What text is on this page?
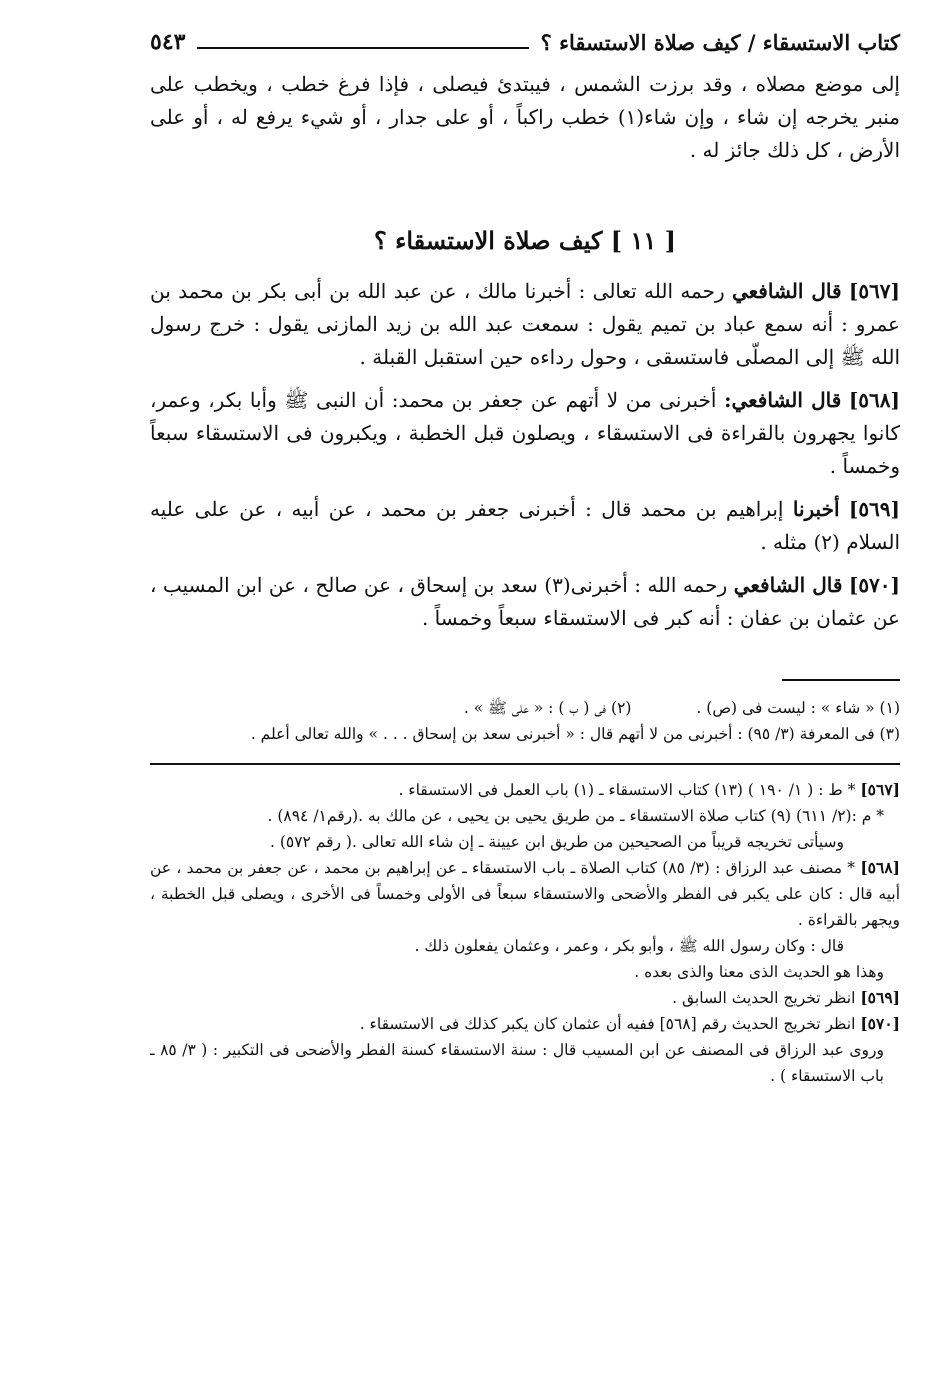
كتاب الاستسقاء / كيف صلاة الاستسقاء ؟
٥٤٣

إلى موضع مصلاه ، وقد برزت الشمس ، فيبتدئ فيصلى ، فإذا فرغ خطب ، ويخطب على منبر يخرجه إن شاء ، وإن شاء(١) خطب راكباً ، أو على جدار ، أو شيء يرفع له ، أو على الأرض ، كل ذلك جائز له .

[ ١١ ] كيف صلاة الاستسقاء ؟

[٥٦٧] قال الشافعي رحمه الله تعالى : أخبرنا مالك ، عن عبد الله بن أبى بكر بن محمد بن عمرو : أنه سمع عباد بن تميم يقول : سمعت عبد الله بن زيد المازنى يقول : خرج رسول الله ﷺ إلى المصلّى فاستسقى ، وحول رداءه حين استقبل القبلة .

[٥٦٨] قال الشافعي: أخبرنى من لا أتهم عن جعفر بن محمد: أن النبى ﷺ وأبا بكر، وعمر، كانوا يجهرون بالقراءة فى الاستسقاء ، ويصلون قبل الخطبة ، ويكبرون فى الاستسقاء سبعاً وخمساً .

[٥٦٩] أخبرنا إبراهيم بن محمد قال : أخبرنى جعفر بن محمد ، عن أبيه ، عن على عليه السلام (٢) مثله .

[٥٧٠] قال الشافعي رحمه الله : أخبرنى(٣) سعد بن إسحاق ، عن صالح ، عن ابن المسيب ، عن عثمان بن عفان : أنه كبر فى الاستسقاء سبعاً وخمساً .

(١) « شاء » : ليست فى (ص) . (٢) فى ( ب ) : « على ﷺ » .
(٣) فى المعرفة (٣/ ٩٥) : أخبرنى من لا أتهم قال : « أخبرنى سعد بن إسحاق . . . » والله تعالى أعلم .

[٥٦٧] * ط : ( ١/ ١٩٠ ) (١٣) كتاب الاستسقاء ـ (١) باب العمل فى الاستسقاء .

* م :(٢/ ٦١١) (٩) كتاب صلاة الاستسقاء ـ من طريق يحيى بن يحيى ، عن مالك به .(رقم١/ ٨٩٤) .

وسيأتى تخريجه قريباً من الصحيحين من طريق ابن عيينة ـ إن شاء الله تعالى .( رقم ٥٧٢) .

[٥٦٨] * مصنف عبد الرزاق : (٣/ ٨٥) كتاب الصلاة ـ باب الاستسقاء ـ عن إبراهيم بن محمد ، عن جعفر بن محمد ، عن أبيه قال : كان على يكبر فى الفطر والأضحى والاستسقاء سبعاً فى الأولى وخمساً فى الأخرى ، ويصلى قبل الخطبة ، ويجهر بالقراءة .

قال : وكان رسول الله ﷺ ، وأبو بكر ، وعمر ، وعثمان يفعلون ذلك .

وهذا هو الحديث الذى معنا والذى بعده .

[٥٦٩] انظر تخريج الحديث السابق .

[٥٧٠] انظر تخريج الحديث رقم [٥٦٨] ففيه أن عثمان كان يكبر كذلك فى الاستسقاء .

وروى عبد الرزاق فى المصنف عن ابن المسيب قال : سنة الاستسقاء كسنة الفطر والأضحى فى التكبير : ( ٣/ ٨٥ ـ باب الاستسقاء ) .
